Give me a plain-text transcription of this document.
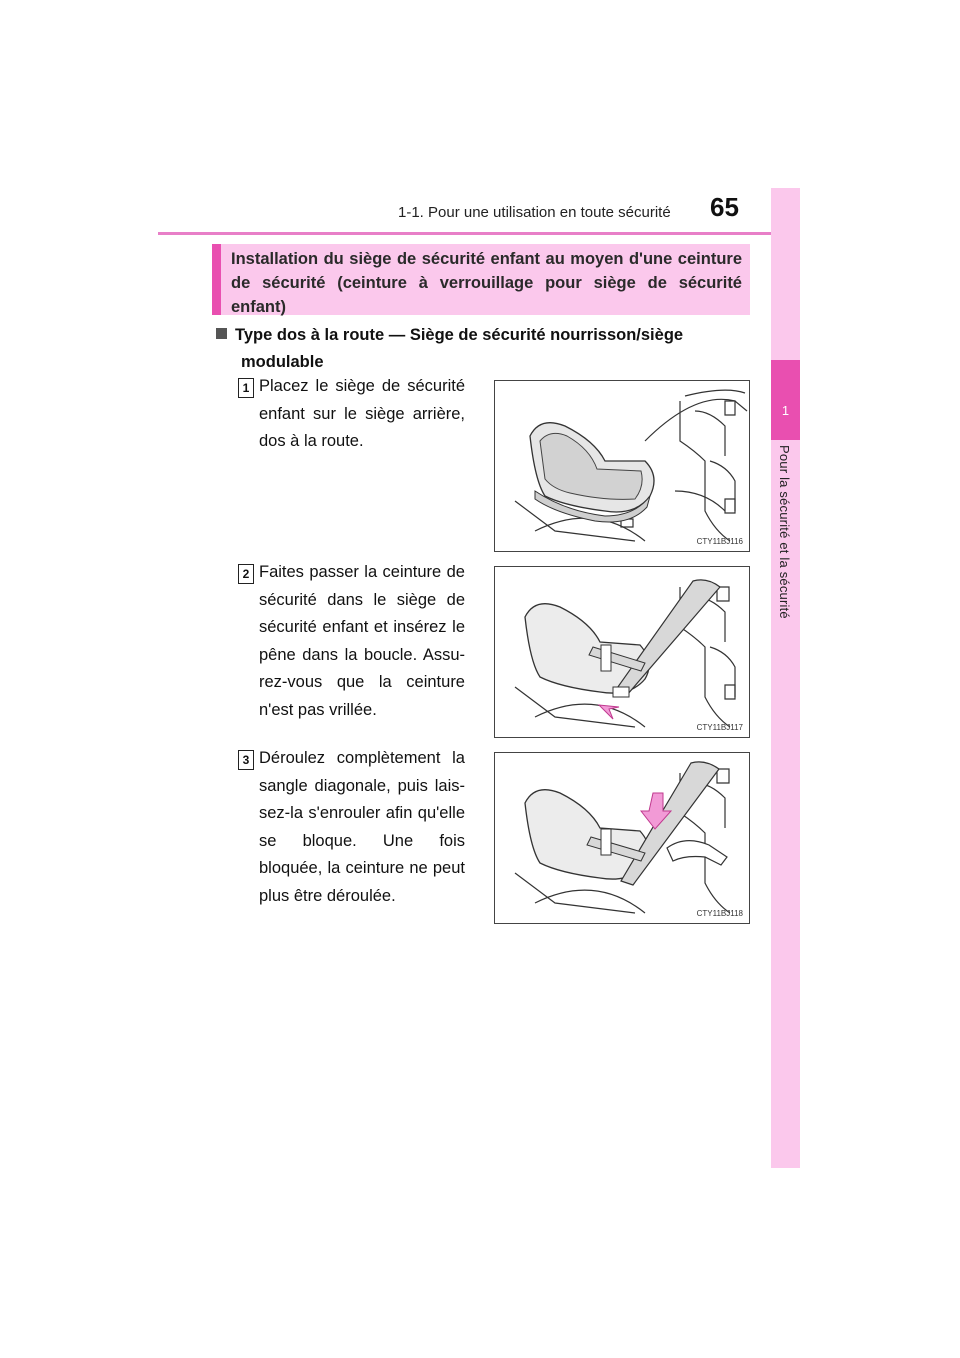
65
1-1. Pour une utilisation en toute sécurité
1
Pour la sécurité et la sécurité
Installation du siège de sécurité enfant au moyen d'une ceinture de sécurité (ceinture à verrouillage pour siège de sécurité enfant)
Type dos à la route — Siège de sécurité nourrisson/siège
modulable
1 Placez le siège de sécurité enfant sur le siège arrière, dos à la route.
CTY11BJ116
2 Faites passer la ceinture de sécurité dans le siège de sécurité enfant et insérez le pêne dans la boucle. Assu-rez-vous que la ceinture n'est pas vrillée.
CTY11BJ117
3 Déroulez complètement la sangle diagonale, puis lais-sez-la s'enrouler afin qu'elle se bloque. Une fois bloquée, la ceinture ne peut plus être déroulée.
CTY11BJ118
